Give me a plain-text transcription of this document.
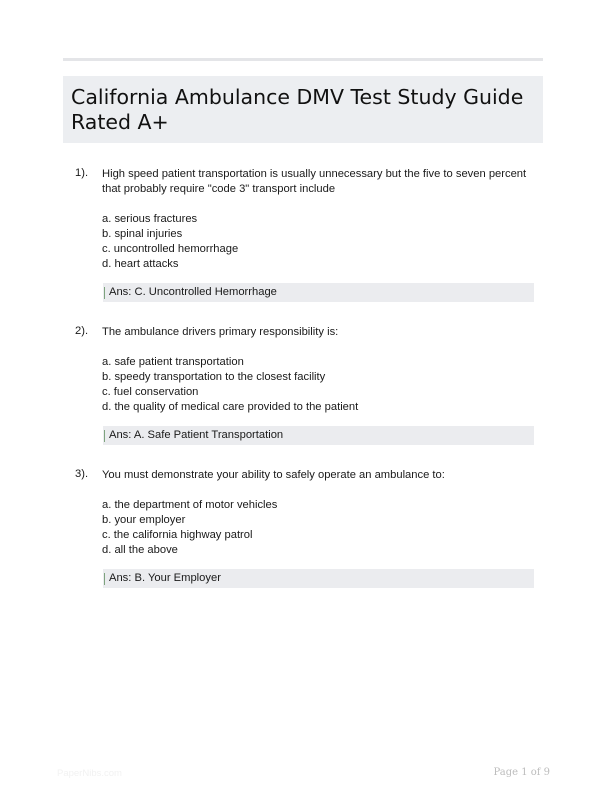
California Ambulance DMV Test Study Guide Rated A+
1). High speed patient transportation is usually unnecessary but the five to seven percent that probably require "code 3" transport include
a. serious fractures
b. spinal injuries
c. uncontrolled hemorrhage
d. heart attacks
Ans: C. Uncontrolled Hemorrhage
2). The ambulance drivers primary responsibility is:
a. safe patient transportation
b. speedy transportation to the closest facility
c. fuel conservation
d. the quality of medical care provided to the patient
Ans: A. Safe Patient Transportation
3). You must demonstrate your ability to safely operate an ambulance to:
a. the department of motor vehicles
b. your employer
c. the california highway patrol
d. all the above
Ans: B. Your Employer
PaperNibs.com	Page 1 of 9
